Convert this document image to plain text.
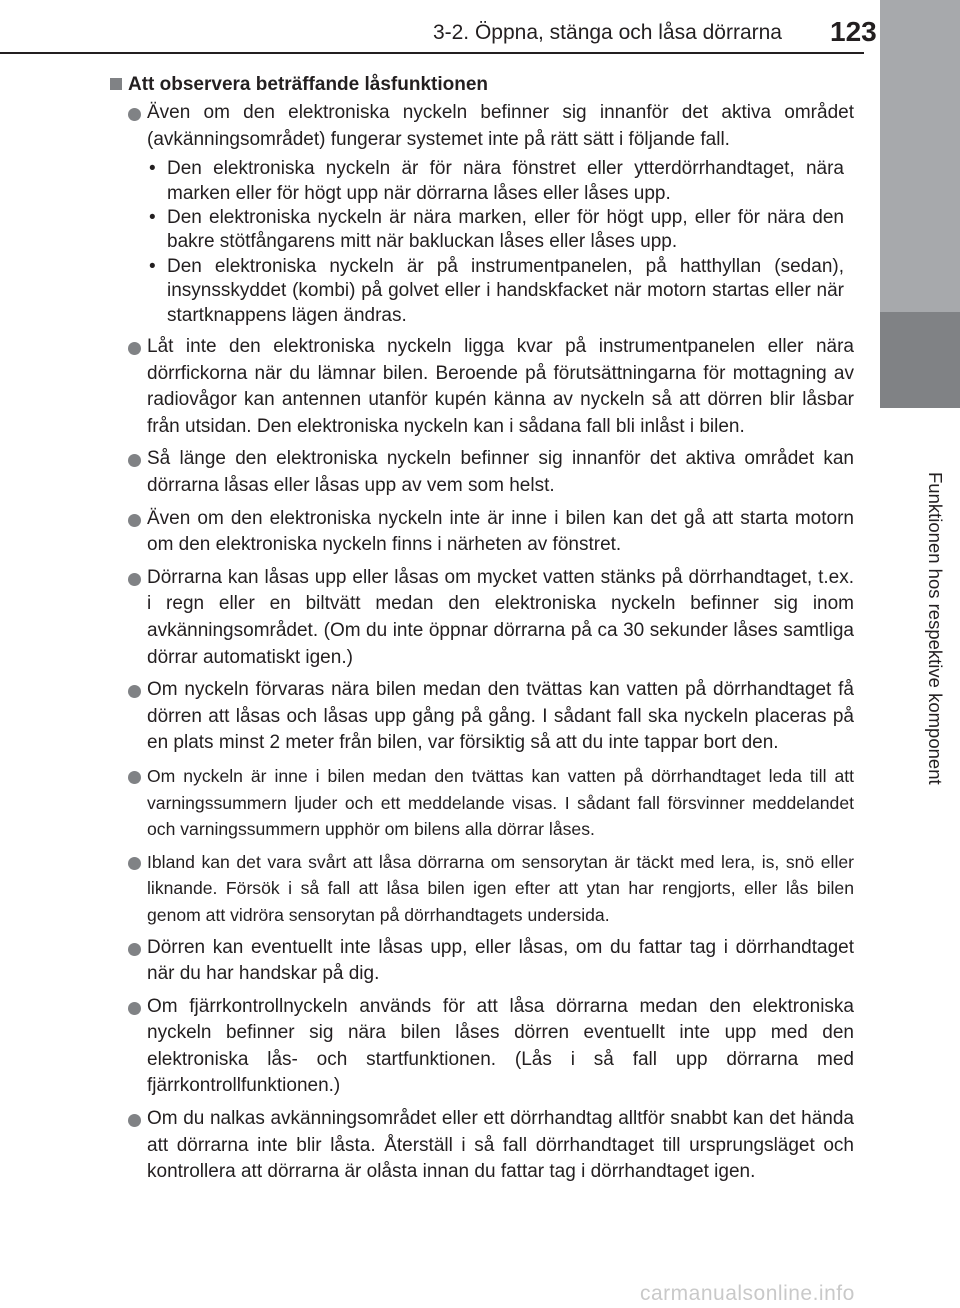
3-2. Öppna, stänga och låsa dörrarna 123
3
Funktionen hos respektive komponent
Att observera beträffande låsfunktionen
Även om den elektroniska nyckeln befinner sig innanför det aktiva området (avkänningsområdet) fungerar systemet inte på rätt sätt i följande fall.
• Den elektroniska nyckeln är för nära fönstret eller ytterdörrhandtaget, nära marken eller för högt upp när dörrarna låses eller låses upp.
• Den elektroniska nyckeln är nära marken, eller för högt upp, eller för nära den bakre stötfångarens mitt när bakluckan låses eller låses upp.
• Den elektroniska nyckeln är på instrumentpanelen, på hatthyllan (sedan), insynsskyddet (kombi) på golvet eller i handskfacket när motorn startas eller när startknappens lägen ändras.
Låt inte den elektroniska nyckeln ligga kvar på instrumentpanelen eller nära dörrfickorna när du lämnar bilen. Beroende på förutsättningarna för mottagning av radiovågor kan antennen utanför kupén känna av nyckeln så att dörren blir låsbar från utsidan. Den elektroniska nyckeln kan i sådana fall bli inlåst i bilen.
Så länge den elektroniska nyckeln befinner sig innanför det aktiva området kan dörrarna låsas eller låsas upp av vem som helst.
Även om den elektroniska nyckeln inte är inne i bilen kan det gå att starta motorn om den elektroniska nyckeln finns i närheten av fönstret.
Dörrarna kan låsas upp eller låsas om mycket vatten stänks på dörrhandtaget, t.ex. i regn eller en biltvätt medan den elektroniska nyckeln befinner sig inom avkänningsområdet. (Om du inte öppnar dörrarna på ca 30 sekunder låses samtliga dörrar automatiskt igen.)
Om nyckeln förvaras nära bilen medan den tvättas kan vatten på dörrhandtaget få dörren att låsas och låsas upp gång på gång. I sådant fall ska nyckeln placeras på en plats minst 2 meter från bilen, var försiktig så att du inte tappar bort den.
Om nyckeln är inne i bilen medan den tvättas kan vatten på dörrhandtaget leda till att varningssummern ljuder och ett meddelande visas. I sådant fall försvinner meddelandet och varningssummern upphör om bilens alla dörrar låses.
Ibland kan det vara svårt att låsa dörrarna om sensorytan är täckt med lera, is, snö eller liknande. Försök i så fall att låsa bilen igen efter att ytan har rengjorts, eller lås bilen genom att vidröra sensorytan på dörrhandtagets undersida.
Dörren kan eventuellt inte låsas upp, eller låsas, om du fattar tag i dörrhandtaget när du har handskar på dig.
Om fjärrkontrollnyckeln används för att låsa dörrarna medan den elektroniska nyckeln befinner sig nära bilen låses dörren eventuellt inte upp med den elektroniska lås- och startfunktionen. (Lås i så fall upp dörrarna med fjärrkontrollfunktionen.)
Om du nalkas avkänningsområdet eller ett dörrhandtag alltför snabbt kan det hända att dörrarna inte blir låsta. Återställ i så fall dörrhandtaget till ursprungsläget och kontrollera att dörrarna är olåsta innan du fattar tag i dörrhandtaget igen.
carmanualsonline.info
